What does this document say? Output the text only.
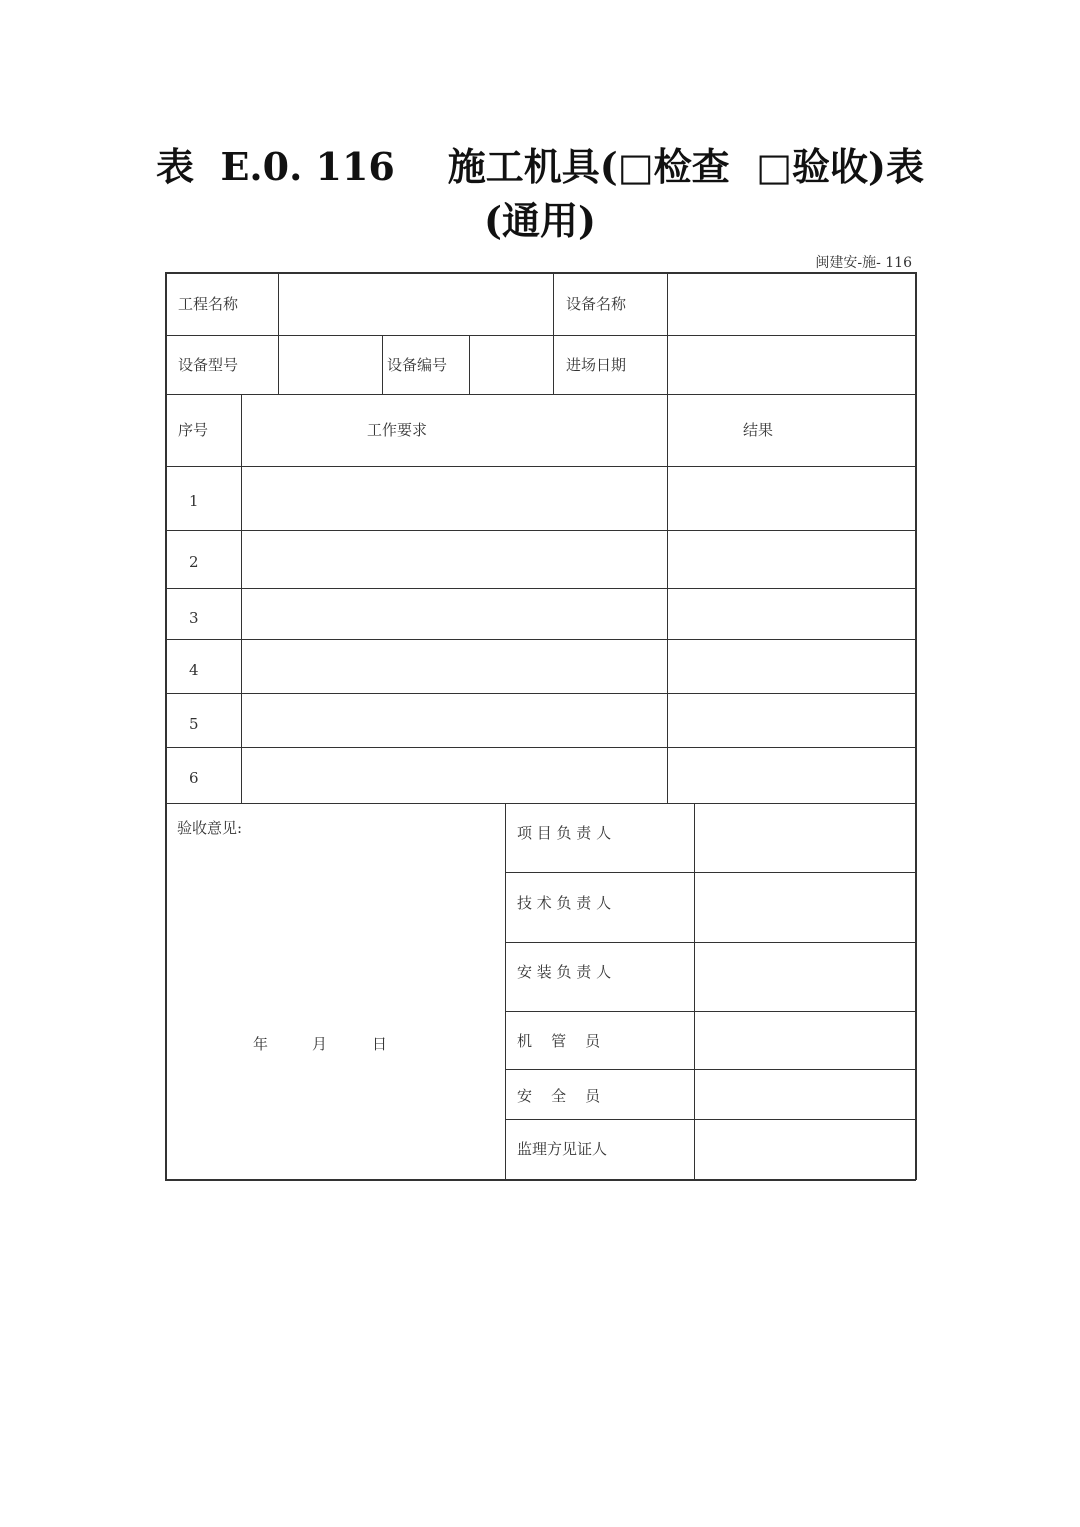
表  E.0. 116    施工机具(□检查  □验收)表
(通用)
闽建安-施- 116
工程名称	设备名称
设备型号	设备编号	进场日期
序号	工作要求	结果
1
2
3
4
5
6
验收意见:
年	月	日
项 目 负 责 人
技 术 负 责 人
安 装 负 责 人
机    管    员
安    全    员
监理方见证人
